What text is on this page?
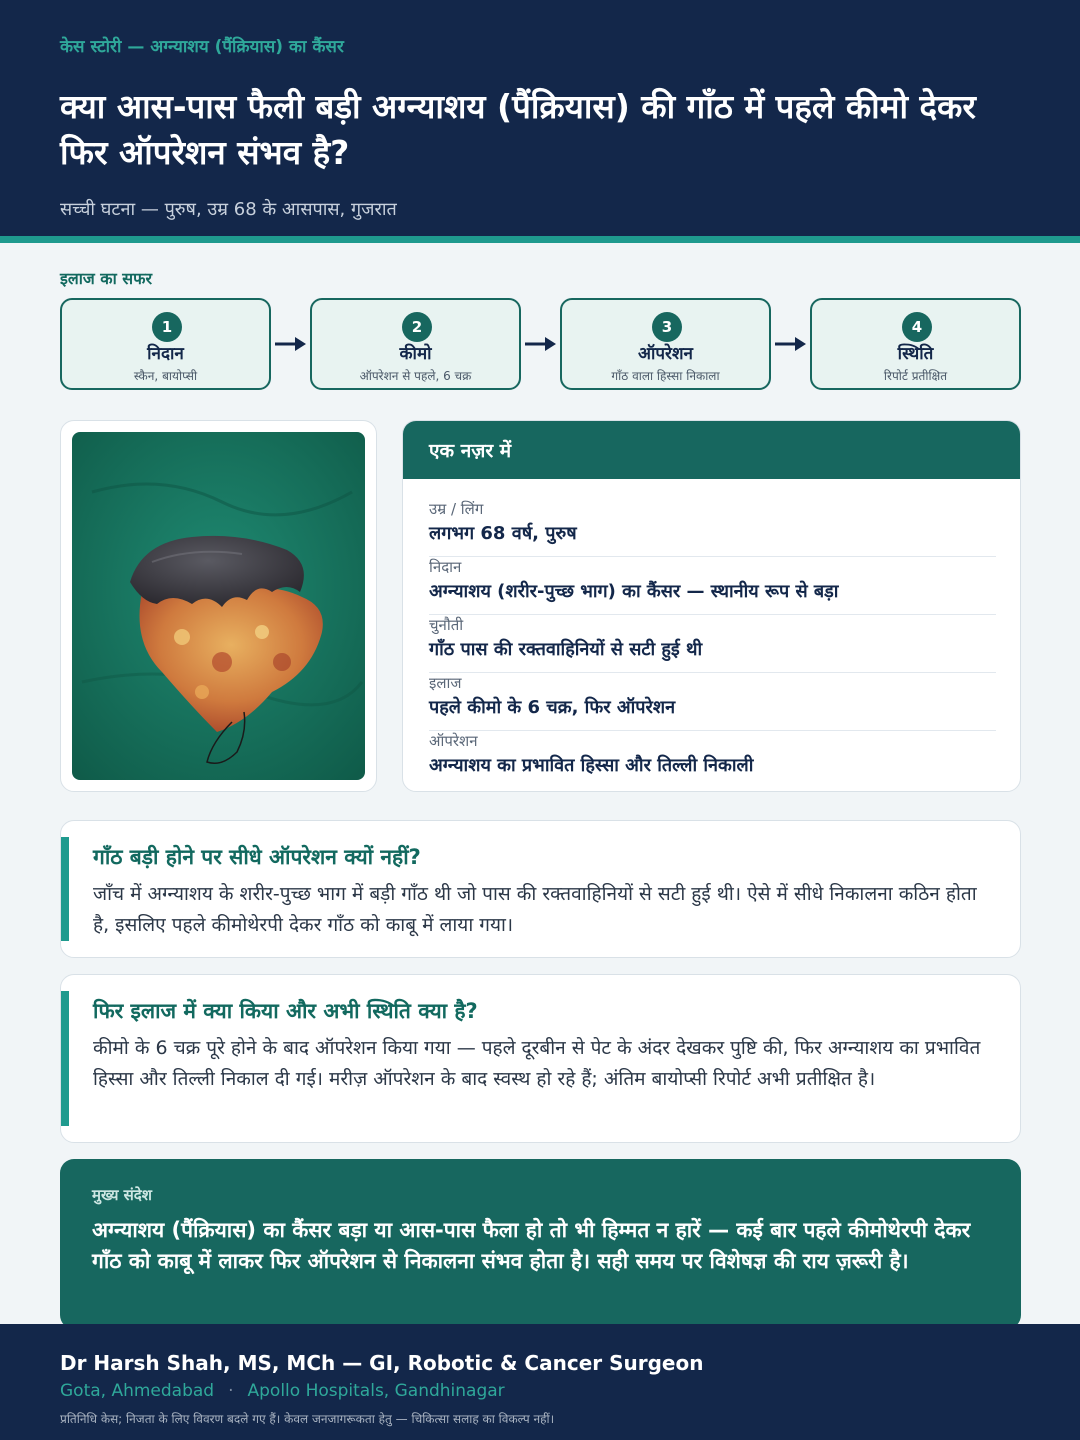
केस स्टोरी — अग्न्याशय (पैंक्रियास) का कैंसर
क्या आस-पास फैली बड़ी अग्न्याशय (पैंक्रियास) की गाँठ में पहले कीमो देकर फिर ऑपरेशन संभव है?
सच्ची घटना — पुरुष, उम्र 68 के आसपास, गुजरात
इलाज का सफर
1
निदान
स्कैन, बायोप्सी
2
कीमो
ऑपरेशन से पहले, 6 चक्र
3
ऑपरेशन
गाँठ वाला हिस्सा निकाला
4
स्थिति
रिपोर्ट प्रतीक्षित
एक नज़र में
उम्र / लिंग
लगभग 68 वर्ष, पुरुष
निदान
अग्न्याशय (शरीर-पुच्छ भाग) का कैंसर — स्थानीय रूप से बड़ा
चुनौती
गाँठ पास की रक्तवाहिनियों से सटी हुई थी
इलाज
पहले कीमो के 6 चक्र, फिर ऑपरेशन
ऑपरेशन
अग्न्याशय का प्रभावित हिस्सा और तिल्ली निकाली
गाँठ बड़ी होने पर सीधे ऑपरेशन क्यों नहीं?
जाँच में अग्न्याशय के शरीर-पुच्छ भाग में बड़ी गाँठ थी जो पास की रक्तवाहिनियों से सटी हुई थी। ऐसे में सीधे निकालना कठिन होता है, इसलिए पहले कीमोथेरपी देकर गाँठ को काबू में लाया गया।
फिर इलाज में क्या किया और अभी स्थिति क्या है?
कीमो के 6 चक्र पूरे होने के बाद ऑपरेशन किया गया — पहले दूरबीन से पेट के अंदर देखकर पुष्टि की, फिर अग्न्याशय का प्रभावित हिस्सा और तिल्ली निकाल दी गई। मरीज़ ऑपरेशन के बाद स्वस्थ हो रहे हैं; अंतिम बायोप्सी रिपोर्ट अभी प्रतीक्षित है।
मुख्य संदेश
अग्न्याशय (पैंक्रियास) का कैंसर बड़ा या आस-पास फैला हो तो भी हिम्मत न हारें — कई बार पहले कीमोथेरपी देकर गाँठ को काबू में लाकर फिर ऑपरेशन से निकालना संभव होता है। सही समय पर विशेषज्ञ की राय ज़रूरी है।
Dr Harsh Shah, MS, MCh — GI, Robotic & Cancer Surgeon
Gota, Ahmedabad · Apollo Hospitals, Gandhinagar
प्रतिनिधि केस; निजता के लिए विवरण बदले गए हैं। केवल जनजागरूकता हेतु — चिकित्सा सलाह का विकल्प नहीं।
